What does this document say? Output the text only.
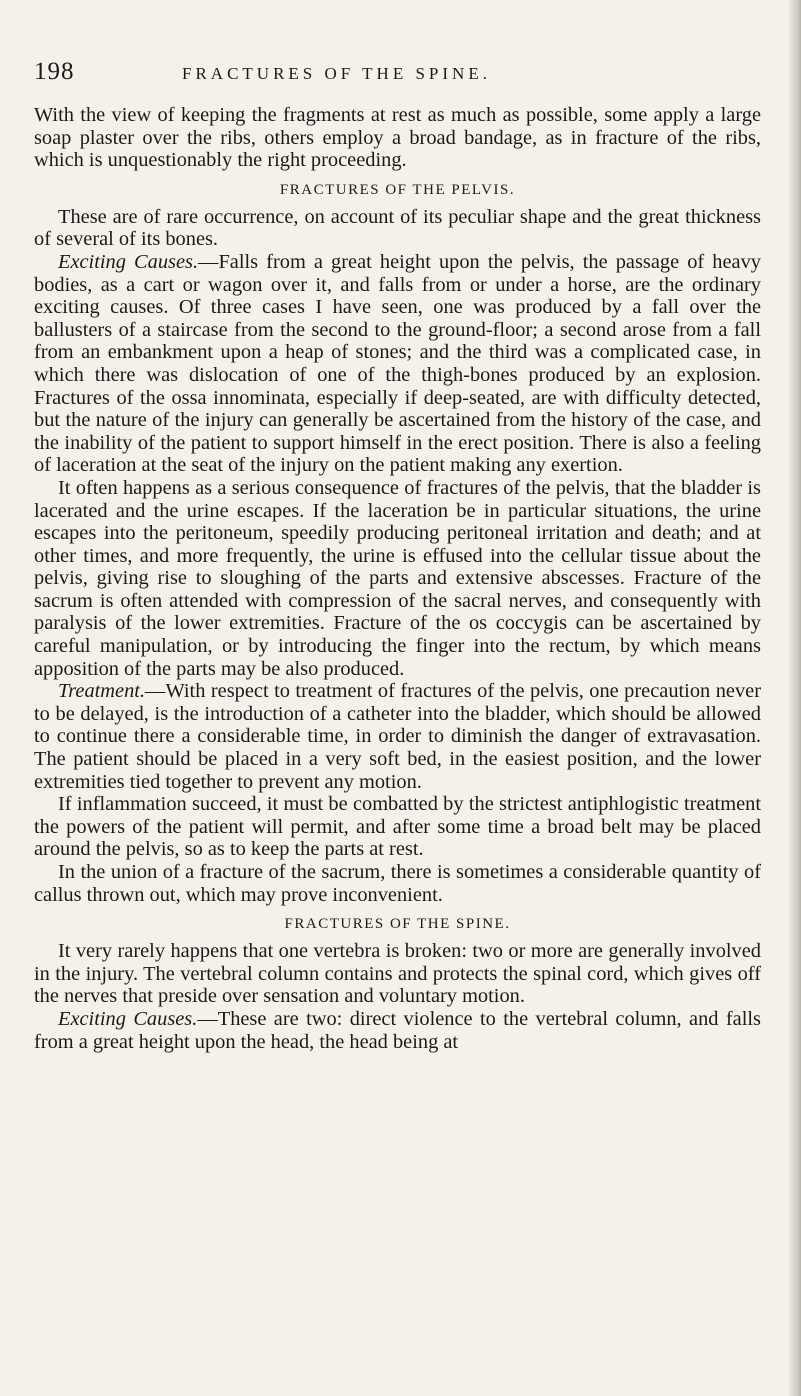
198	FRACTURES OF THE SPINE.

With the view of keeping the fragments at rest as much as possible, some apply a large soap plaster over the ribs, others employ a broad bandage, as in fracture of the ribs, which is unquestionably the right proceeding.

FRACTURES OF THE PELVIS.

These are of rare occurrence, on account of its peculiar shape and the great thickness of several of its bones.

Exciting Causes.—Falls from a great height upon the pelvis, the passage of heavy bodies, as a cart or wagon over it, and falls from or under a horse, are the ordinary exciting causes. Of three cases I have seen, one was produced by a fall over the ballusters of a staircase from the second to the ground-floor; a second arose from a fall from an embankment upon a heap of stones; and the third was a complicated case, in which there was dislocation of one of the thigh-bones produced by an explosion. Fractures of the ossa innominata, especially if deep-seated, are with difficulty detected, but the nature of the injury can generally be ascertained from the history of the case, and the inability of the patient to support himself in the erect position. There is also a feeling of laceration at the seat of the injury on the patient making any exertion.

It often happens as a serious consequence of fractures of the pelvis, that the bladder is lacerated and the urine escapes. If the laceration be in particular situations, the urine escapes into the peritoneum, speedily producing peritoneal irritation and death; and at other times, and more frequently, the urine is effused into the cellular tissue about the pelvis, giving rise to sloughing of the parts and extensive abscesses. Fracture of the sacrum is often attended with compression of the sacral nerves, and consequently with paralysis of the lower extremities. Fracture of the os coccygis can be ascertained by careful manipulation, or by introducing the finger into the rectum, by which means apposition of the parts may be also produced.

Treatment.—With respect to treatment of fractures of the pelvis, one precaution never to be delayed, is the introduction of a catheter into the bladder, which should be allowed to continue there a considerable time, in order to diminish the danger of extravasation. The patient should be placed in a very soft bed, in the easiest position, and the lower extremities tied together to prevent any motion.

If inflammation succeed, it must be combatted by the strictest antiphlogistic treatment the powers of the patient will permit, and after some time a broad belt may be placed around the pelvis, so as to keep the parts at rest.

In the union of a fracture of the sacrum, there is sometimes a considerable quantity of callus thrown out, which may prove inconvenient.

FRACTURES OF THE SPINE.

It very rarely happens that one vertebra is broken: two or more are generally involved in the injury. The vertebral column contains and protects the spinal cord, which gives off the nerves that preside over sensation and voluntary motion.

Exciting Causes.—These are two: direct violence to the vertebral column, and falls from a great height upon the head, the head being at
